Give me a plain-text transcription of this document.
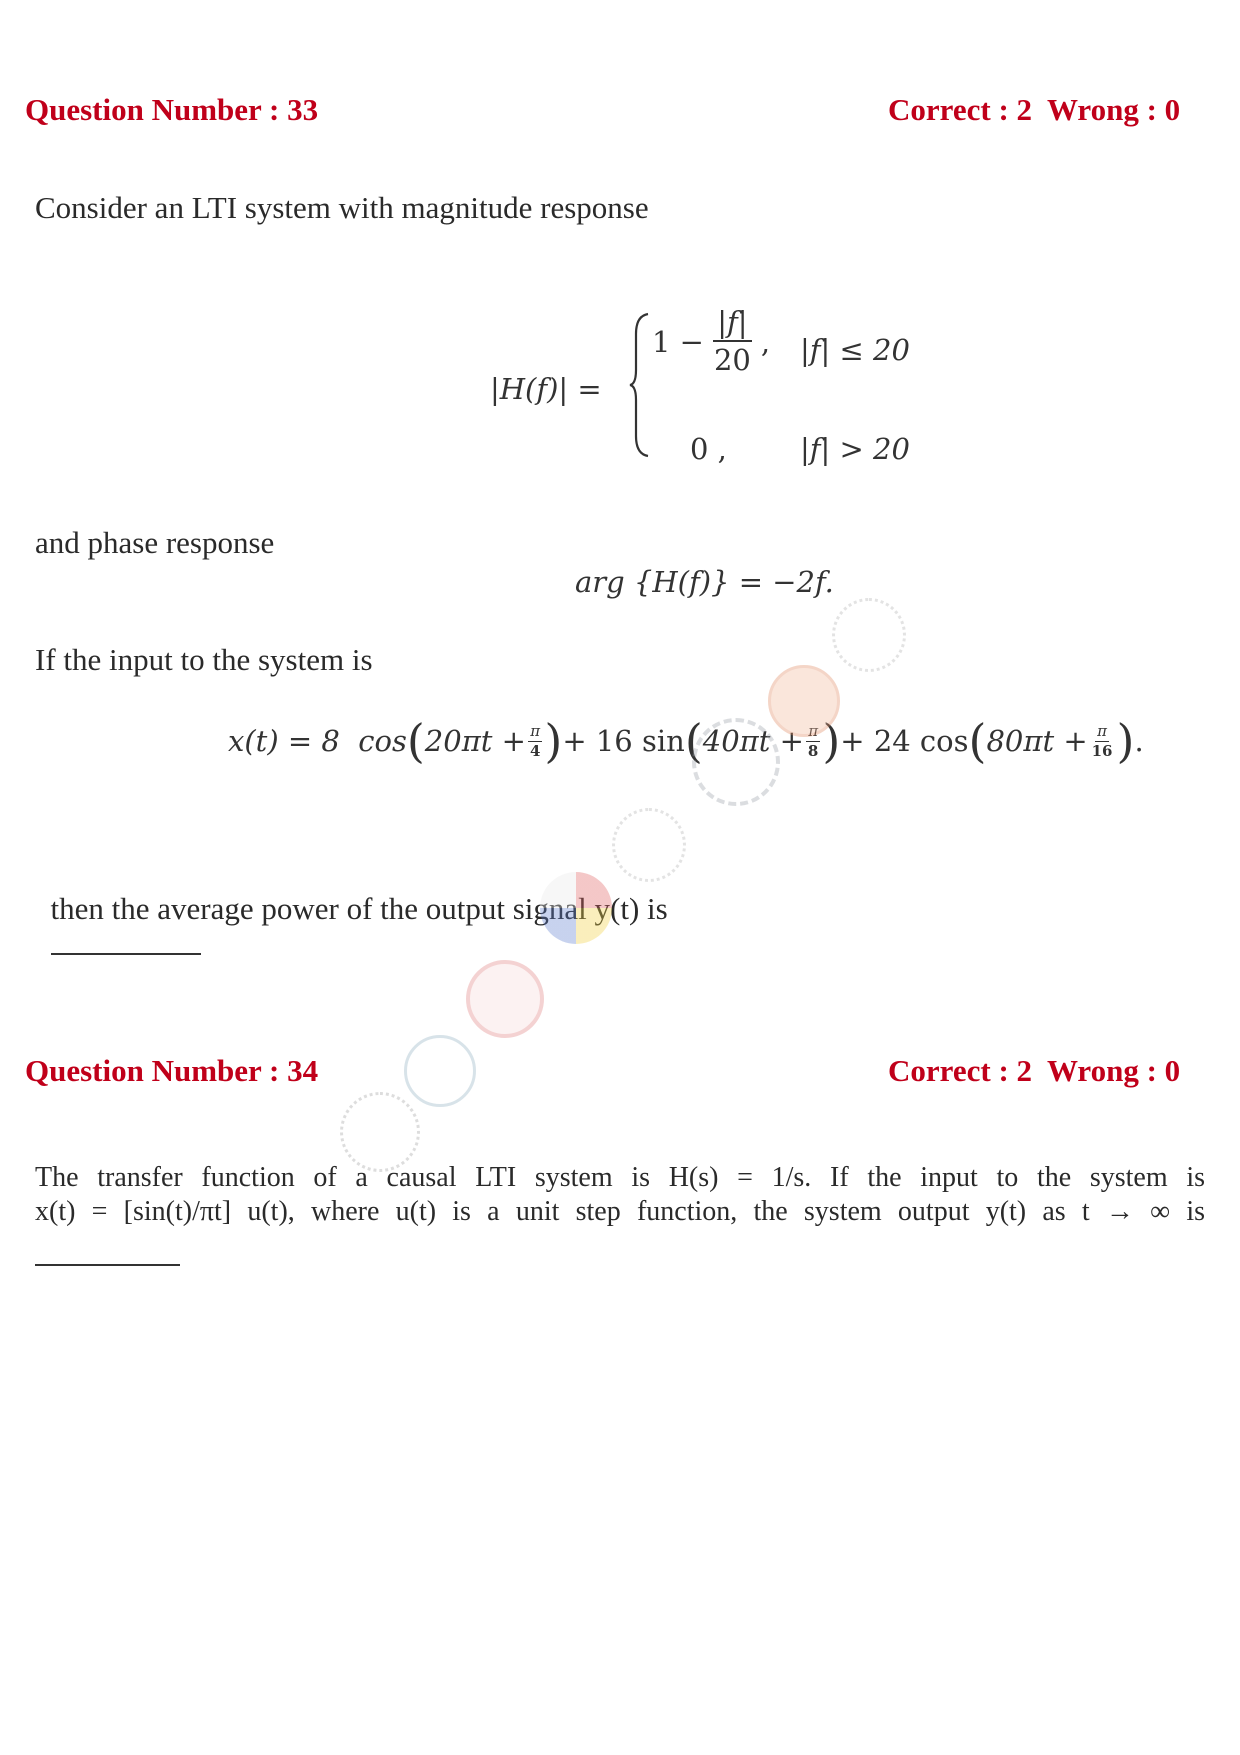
Question Number : 33	Correct : 2  Wrong : 0
Consider an LTI system with magnitude response
|H(f)| =
$1 - \frac{|f|}{20}$ , |f| ≤ 20
0 ,	|f| > 20
and phase response
arg {H(f)} = −2f.
If the input to the system is
x(t) = 8  cos ( $20\pi t + \frac{\pi}{4}$ ) + 16 sin ( $40\pi t + \frac{\pi}{8}$ ) + 24 cos ( $80\pi t + \frac{\pi}{16}$ ) .

then the average power of the output signal y(t) is

Question Number : 34	Correct : 2  Wrong : 0
The transfer function of a causal LTI system is H(s) = 1/s. If the input to the system is
x(t) = [sin(t)/πt] u(t), where u(t) is a unit step function, the system output y(t) as t → ∞ is
